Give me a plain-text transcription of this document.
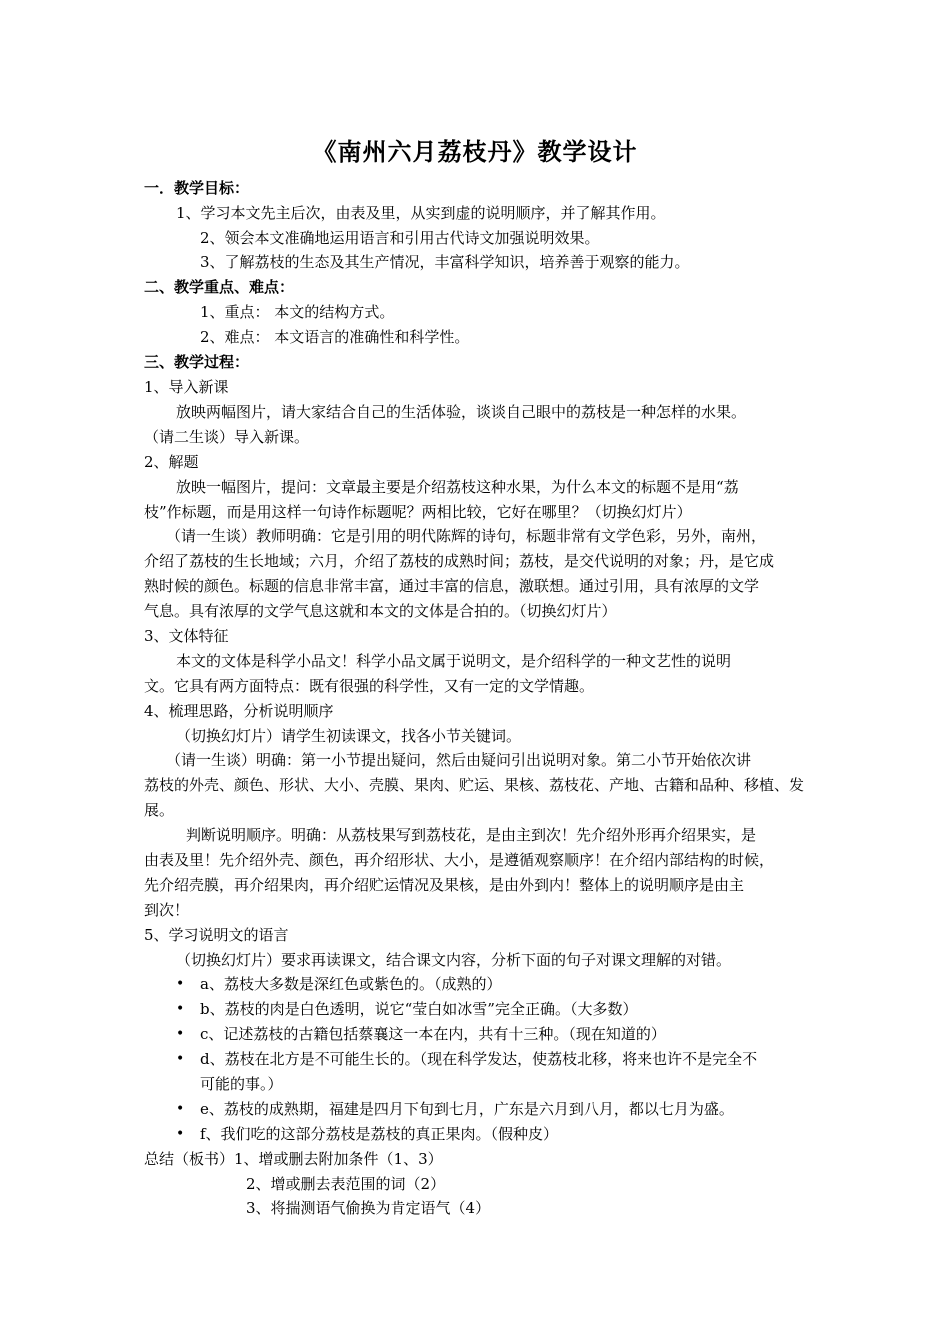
《南州六月荔枝丹》教学设计
一．教学目标：
1、学习本文先主后次，由表及里，从实到虚的说明顺序，并了解其作用。
2、领会本文准确地运用语言和引用古代诗文加强说明效果。
3、了解荔枝的生态及其生产情况，丰富科学知识，培养善于观察的能力。
二、教学重点、难点：
1、重点： 本文的结构方式。
2、难点： 本文语言的准确性和科学性。
三、教学过程：
1、导入新课
放映两幅图片，请大家结合自己的生活体验，谈谈自己眼中的荔枝是一种怎样的水果。
（请二生谈）导入新课。
2、解题
放映一幅图片，提问：文章最主要是介绍荔枝这种水果，为什么本文的标题不是用“荔
枝”作标题，而是用这样一句诗作标题呢？两相比较，它好在哪里？（切换幻灯片）
（请一生谈）教师明确：它是引用的明代陈辉的诗句，标题非常有文学色彩，另外，南州，
介绍了荔枝的生长地域；六月，介绍了荔枝的成熟时间；荔枝，是交代说明的对象；丹，是它成
熟时候的颜色。标题的信息非常丰富，通过丰富的信息，激联想。通过引用，具有浓厚的文学
气息。具有浓厚的文学气息这就和本文的文体是合拍的。（切换幻灯片）
3、文体特征
本文的文体是科学小品文！科学小品文属于说明文，是介绍科学的一种文艺性的说明
文。它具有两方面特点：既有很强的科学性，又有一定的文学情趣。
4、梳理思路，分析说明顺序
（切换幻灯片）请学生初读课文，找各小节关键词。
（请一生谈）明确：第一小节提出疑问，然后由疑问引出说明对象。第二小节开始依次讲
荔枝的外壳、颜色、形状、大小、壳膜、果肉、贮运、果核、荔枝花、产地、古籍和品种、移植、发
展。
判断说明顺序。明确：从荔枝果写到荔枝花，是由主到次！先介绍外形再介绍果实，是
由表及里！先介绍外壳、颜色，再介绍形状、大小，是遵循观察顺序！在介绍内部结构的时候，
先介绍壳膜，再介绍果肉，再介绍贮运情况及果核，是由外到内！整体上的说明顺序是由主
到次！
5、学习说明文的语言
（切换幻灯片）要求再读课文，结合课文内容，分析下面的句子对课文理解的对错。
• a、荔枝大多数是深红色或紫色的。（成熟的）
• b、荔枝的肉是白色透明，说它“莹白如冰雪”完全正确。（大多数）
• c、记述荔枝的古籍包括蔡襄这一本在内，共有十三种。（现在知道的）
• d、荔枝在北方是不可能生长的。（现在科学发达，使荔枝北移，将来也许不是完全不
可能的事。）
• e、荔枝的成熟期，福建是四月下旬到七月，广东是六月到八月，都以七月为盛。
• f、我们吃的这部分荔枝是荔枝的真正果肉。（假种皮）
总结（板书）1、增或删去附加条件（1、3）
2、增或删去表范围的词（2）
3、将揣测语气偷换为肯定语气（4）
